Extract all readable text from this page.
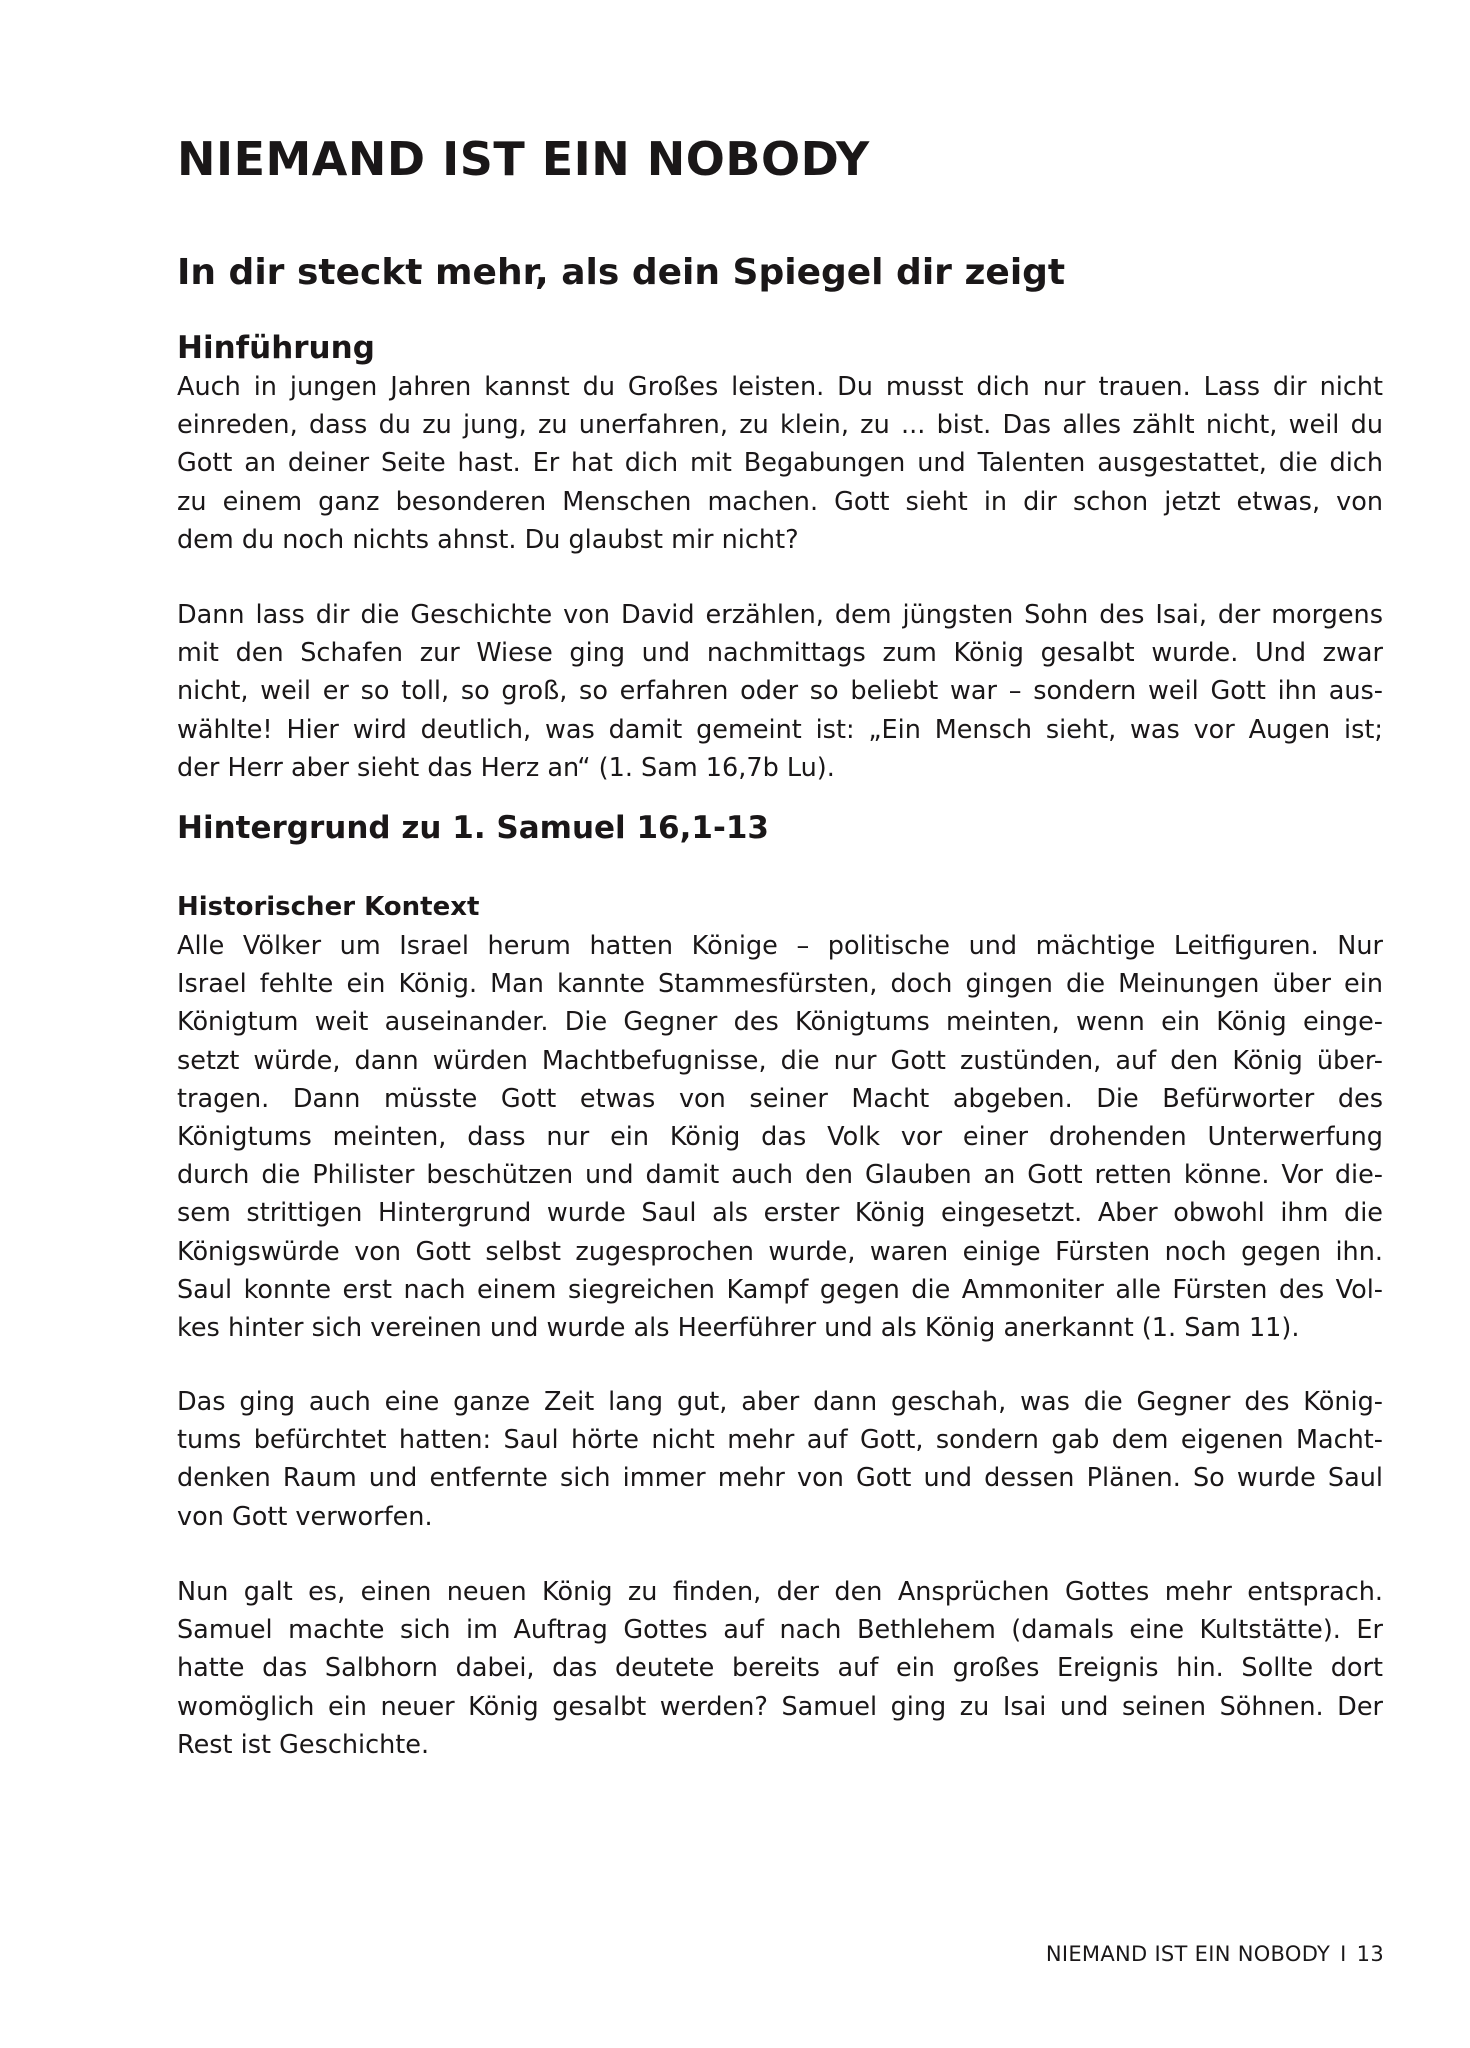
NIEMAND IST EIN NOBODY
In dir steckt mehr, als dein Spiegel dir zeigt
Hinführung
Auch in jungen Jahren kannst du Großes leisten. Du musst dich nur trauen. Lass dir nicht
einreden, dass du zu jung, zu unerfahren, zu klein, zu ... bist. Das alles zählt nicht, weil du
Gott an deiner Seite hast. Er hat dich mit Begabungen und Talenten ausgestattet, die dich
zu einem ganz besonderen Menschen machen. Gott sieht in dir schon jetzt etwas, von
dem du noch nichts ahnst. Du glaubst mir nicht?
Dann lass dir die Geschichte von David erzählen, dem jüngsten Sohn des Isai, der morgens
mit den Schafen zur Wiese ging und nachmittags zum König gesalbt wurde. Und zwar
nicht, weil er so toll, so groß, so erfahren oder so beliebt war – sondern weil Gott ihn aus-
wählte! Hier wird deutlich, was damit gemeint ist: „Ein Mensch sieht, was vor Augen ist;
der Herr aber sieht das Herz an“ (1. Sam 16,7b Lu).
Hintergrund zu 1. Samuel 16,1-13
Historischer Kontext
Alle Völker um Israel herum hatten Könige – politische und mächtige Leitfiguren. Nur
Israel fehlte ein König. Man kannte Stammesfürsten, doch gingen die Meinungen über ein
Königtum weit auseinander. Die Gegner des Königtums meinten, wenn ein König einge-
setzt würde, dann würden Machtbefugnisse, die nur Gott zustünden, auf den König über-
tragen. Dann müsste Gott etwas von seiner Macht abgeben. Die Befürworter des
Königtums meinten, dass nur ein König das Volk vor einer drohenden Unterwerfung
durch die Philister beschützen und damit auch den Glauben an Gott retten könne. Vor die-
sem strittigen Hintergrund wurde Saul als erster König eingesetzt. Aber obwohl ihm die
Königswürde von Gott selbst zugesprochen wurde, waren einige Fürsten noch gegen ihn.
Saul konnte erst nach einem siegreichen Kampf gegen die Ammoniter alle Fürsten des Vol-
kes hinter sich vereinen und wurde als Heerführer und als König anerkannt (1. Sam 11).
Das ging auch eine ganze Zeit lang gut, aber dann geschah, was die Gegner des König-
tums befürchtet hatten: Saul hörte nicht mehr auf Gott, sondern gab dem eigenen Macht-
denken Raum und entfernte sich immer mehr von Gott und dessen Plänen. So wurde Saul
von Gott verworfen.
Nun galt es, einen neuen König zu finden, der den Ansprüchen Gottes mehr entsprach.
Samuel machte sich im Auftrag Gottes auf nach Bethlehem (damals eine Kultstätte). Er
hatte das Salbhorn dabei, das deutete bereits auf ein großes Ereignis hin. Sollte dort
womöglich ein neuer König gesalbt werden? Samuel ging zu Isai und seinen Söhnen. Der
Rest ist Geschichte.
NIEMAND IST EIN NOBODY I 13
